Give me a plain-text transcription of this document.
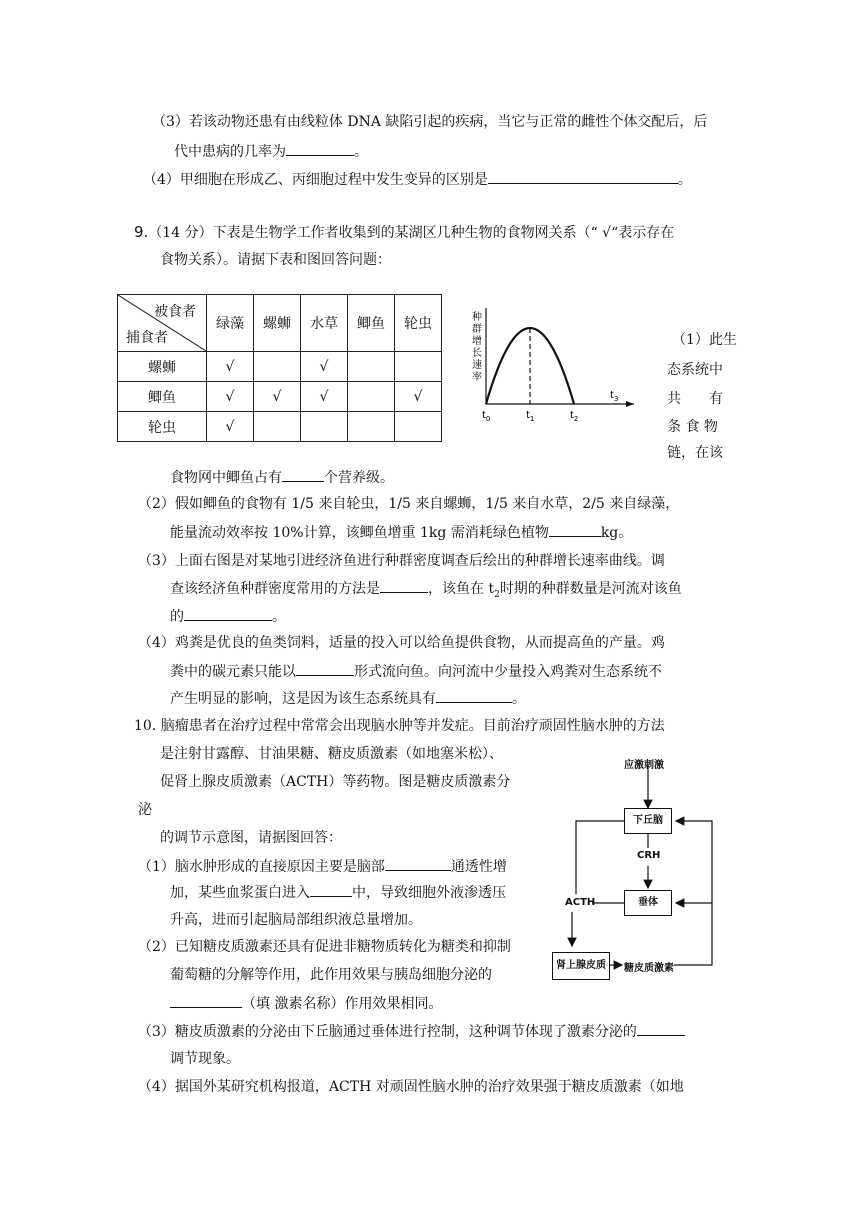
（3）若该动物还患有由线粒体 DNA 缺陷引起的疾病，当它与正常的雌性个体交配后，后
代中患病的几率为	。
（4）甲细胞在形成乙、丙细胞过程中发生变异的区别是	。
9.（14 分）下表是生物学工作者收集到的某湖区几种生物的食物网关系（“ √“表示存在
食物关系）。请据下表和图回答问题：
被食者
捕食者	绿藻	螺蛳	水草	鲫鱼	轮虫
螺蛳	√		√		
鲫鱼	√	√	√		√
轮虫	√				
种群增长速率
$t_0$	$t_1$	$t_2$
$t_3$
（1）此生
态系统中
共　　有
条 食 物
链，在该
食物网中鲫鱼占有	个营养级。
（2）假如鲫鱼的食物有 1/5 来自轮虫，1/5 来自螺蛳，1/5 来自水草，2/5 来自绿藻，
能量流动效率按 10%计算，该鲫鱼增重 1kg 需消耗绿色植物	kg。
（3）上面右图是对某地引进经济鱼进行种群密度调查后绘出的种群增长速率曲线。调
查该经济鱼种群密度常用的方法是	，该鱼在 $t_2$时期的种群数量是河流对该鱼
的	。
（4）鸡粪是优良的鱼类饲料，适量的投入可以给鱼提供食物，从而提高鱼的产量。鸡
粪中的碳元素只能以	形式流向鱼。向河流中少量投入鸡粪对生态系统不
产生明显的影响，这是因为该生态系统具有	。
10. 脑瘤患者在治疗过程中常常会出现脑水肿等并发症。目前治疗顽固性脑水肿的方法
是注射甘露醇、甘油果糖、糖皮质激素（如地塞米松）、
促肾上腺皮质激素（ACTH）等药物。图是糖皮质激素分
泌
的调节示意图，请据图回答：
（1）脑水肿形成的直接原因主要是脑部	通透性增
加，某些血浆蛋白进入	中，导致细胞外液渗透压
升高，进而引起脑局部组织液总量增加。
（2）已知糖皮质激素还具有促进非糖物质转化为糖类和抑制
葡萄糖的分解等作用，此作用效果与胰岛细胞分泌的
（填 激素名称）作用效果相同。
（3）糖皮质激素的分泌由下丘脑通过垂体进行控制，这种调节体现了激素分泌的
调节现象。
（4）据国外某研究机构报道，ACTH 对顽固性脑水肿的治疗效果强于糖皮质激素（如地
应激刺激
下丘脑
CRH
垂体
ACTH
肾上腺皮质	糖皮质激素
